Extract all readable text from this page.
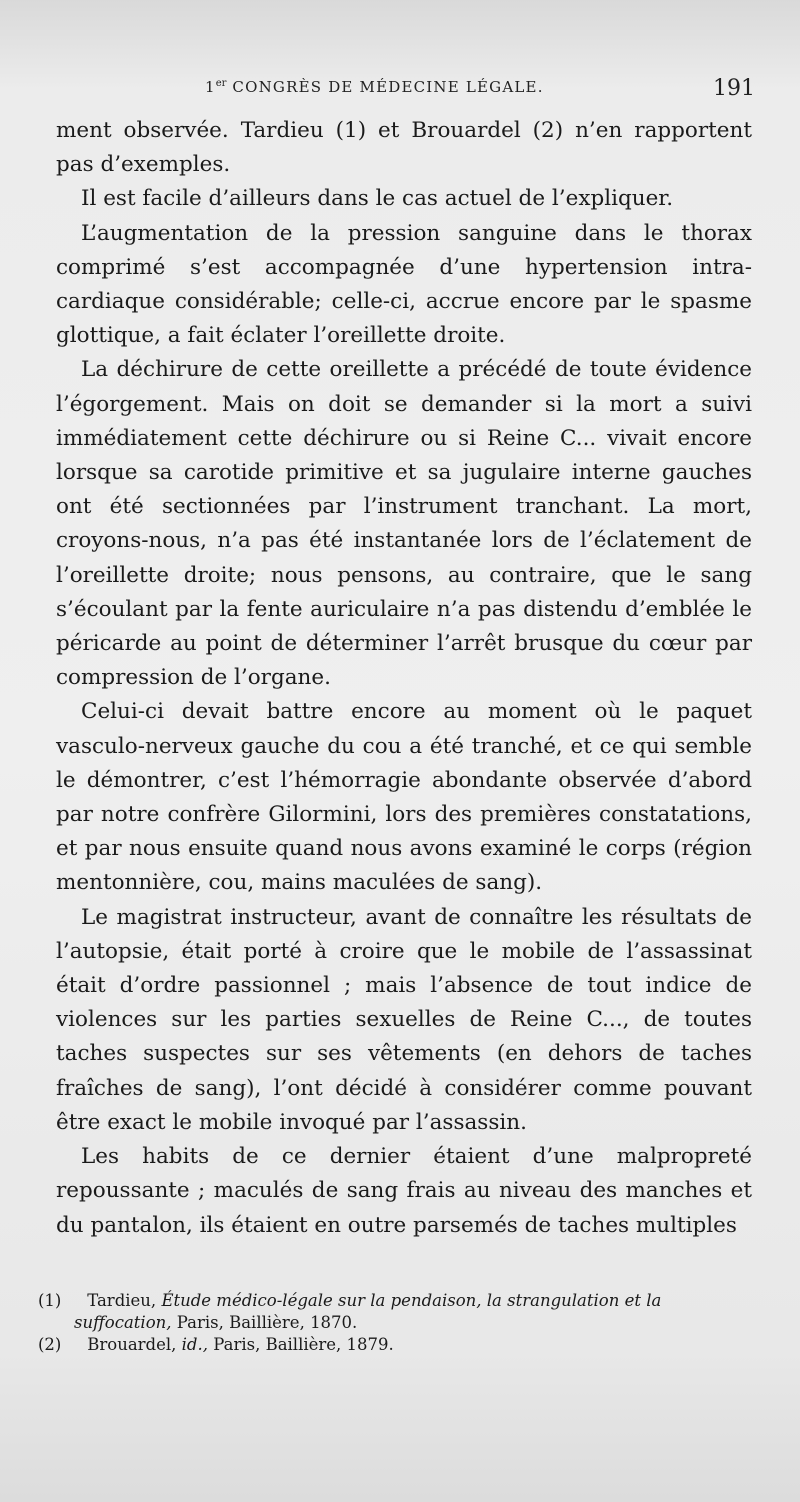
1er CONGRÈS DE MÉDECINE LÉGALE.	191

ment observée. Tardieu (1) et Brouardel (2) n’en rapportent pas d’exemples.

Il est facile d’ailleurs dans le cas actuel de l’expliquer.

L’augmentation de la pression sanguine dans le thorax comprimé s’est accompagnée d’une hypertension intra-cardiaque considérable; celle-ci, accrue encore par le spasme glottique, a fait éclater l’oreillette droite.

La déchirure de cette oreillette a précédé de toute évidence l’égorgement. Mais on doit se demander si la mort a suivi immédiatement cette déchirure ou si Reine C... vivait encore lorsque sa carotide primitive et sa jugulaire interne gauches ont été sectionnées par l’instrument tranchant. La mort, croyons-nous, n’a pas été instantanée lors de l’éclatement de l’oreillette droite; nous pensons, au contraire, que le sang s’écoulant par la fente auriculaire n’a pas distendu d’emblée le péricarde au point de déterminer l’arrêt brusque du cœur par compression de l’organe.

Celui-ci devait battre encore au moment où le paquet vasculo-nerveux gauche du cou a été tranché, et ce qui semble le démontrer, c’est l’hémorragie abondante observée d’abord par notre confrère Gilormini, lors des premières constatations, et par nous ensuite quand nous avons examiné le corps (région mentonnière, cou, mains maculées de sang).

Le magistrat instructeur, avant de connaître les résultats de l’autopsie, était porté à croire que le mobile de l’assassinat était d’ordre passionnel ; mais l’absence de tout indice de violences sur les parties sexuelles de Reine C..., de toutes taches suspectes sur ses vêtements (en dehors de taches fraîches de sang), l’ont décidé à considérer comme pouvant être exact le mobile invoqué par l’assassin.

Les habits de ce dernier étaient d’une malpropreté repoussante ; maculés de sang frais au niveau des manches et du pantalon, ils étaient en outre parsemés de taches multiples

(1) Tardieu, Étude médico-légale sur la pendaison, la strangulation et la suffocation, Paris, Baillière, 1870.

(2) Brouardel, id., Paris, Baillière, 1879.
